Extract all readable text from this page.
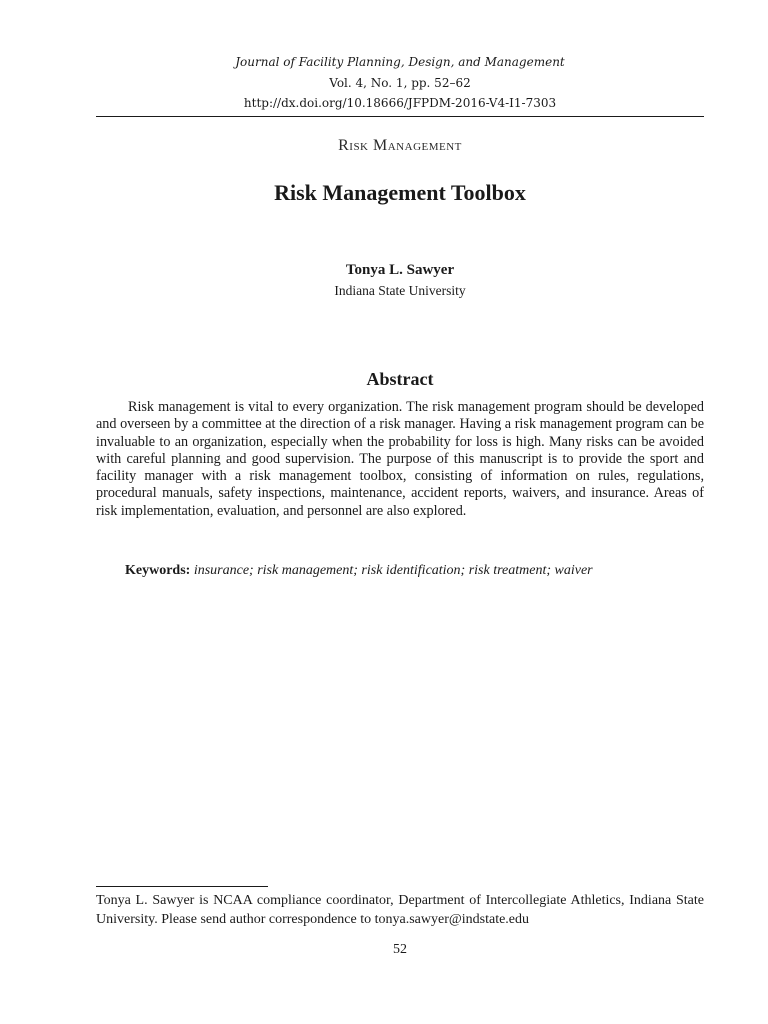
Journal of Facility Planning, Design, and Management
Vol. 4, No. 1, pp. 52–62
http://dx.doi.org/10.18666/JFPDM-2016-V4-I1-7303
Risk Management
Risk Management Toolbox
Tonya L. Sawyer
Indiana State University
Abstract

Risk management is vital to every organization. The risk management program should be developed and overseen by a committee at the direction of a risk manager. Having a risk management program can be invaluable to an organization, especially when the probability for loss is high. Many risks can be avoided with careful planning and good supervision. The purpose of this manuscript is to provide the sport and facility manager with a risk management toolbox, consisting of information on rules, regulations, procedural manuals, safety inspections, maintenance, accident reports, waivers, and insurance. Areas of risk implementation, evaluation, and personnel are also explored.

Keywords: insurance; risk management; risk identification; risk treatment; waiver

Tonya L. Sawyer is NCAA compliance coordinator, Department of Intercollegiate Athletics, Indiana State University. Please send author correspondence to tonya.sawyer@indstate.edu

52
